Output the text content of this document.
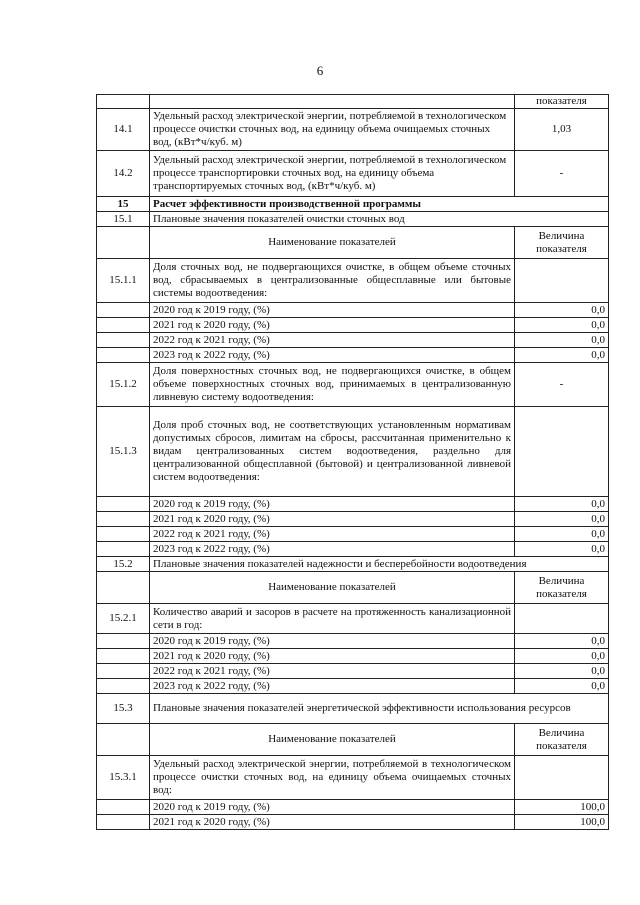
6
		показателя
14.1	Удельный расход электрической энергии, потребляемой в технологическом процессе очистки сточных вод, на единицу объема очищаемых сточных вод, (кВт*ч/куб. м)	1,03
14.2	Удельный расход электрической энергии, потребляемой в технологическом процессе транспортировки сточных вод, на единицу объема транспортируемых сточных вод, (кВт*ч/куб. м)	-
15	Расчет эффективности производственной программы	
15.1	Плановые значения показателей очистки сточных вод	
	Наименование показателей	Величина показателя
15.1.1	Доля сточных вод, не подвергающихся очистке, в общем объеме сточных вод, сбрасываемых в централизованные общесплавные или бытовые системы водоотведения:	
	2020 год к 2019 году, (%)	0,0
	2021 год к 2020 году, (%)	0,0
	2022 год к 2021 году, (%)	0,0
	2023 год к 2022 году, (%)	0,0
15.1.2	Доля поверхностных сточных вод, не подвергающихся очистке, в общем объеме поверхностных сточных вод, принимаемых в централизованную ливневую систему водоотведения:	-
15.1.3	Доля проб сточных вод, не соответствующих установленным нормативам допустимых сбросов, лимитам на сбросы, рассчитанная применительно к видам централизованных систем водоотведения, раздельно для централизованной общесплавной (бытовой) и централизованной ливневой систем водоотведения:	
	2020 год к 2019 году, (%)	0,0
	2021 год к 2020 году, (%)	0,0
	2022 год к 2021 году, (%)	0,0
	2023 год к 2022 году, (%)	0,0
15.2	Плановые значения показателей надежности и бесперебойности водоотведения	
	Наименование показателей	Величина показателя
15.2.1	Количество аварий и засоров в расчете на протяженность канализационной сети в год:	
	2020 год к 2019 году, (%)	0,0
	2021 год к 2020 году, (%)	0,0
	2022 год к 2021 году, (%)	0,0
	2023 год к 2022 году, (%)	0,0
15.3	Плановые значения показателей энергетической эффективности использования ресурсов	
	Наименование показателей	Величина показателя
15.3.1	Удельный расход электрической энергии, потребляемой в технологическом процессе очистки сточных вод, на единицу объема очищаемых сточных вод:	
	2020 год к 2019 году, (%)	100,0
	2021 год к 2020 году, (%)	100,0
